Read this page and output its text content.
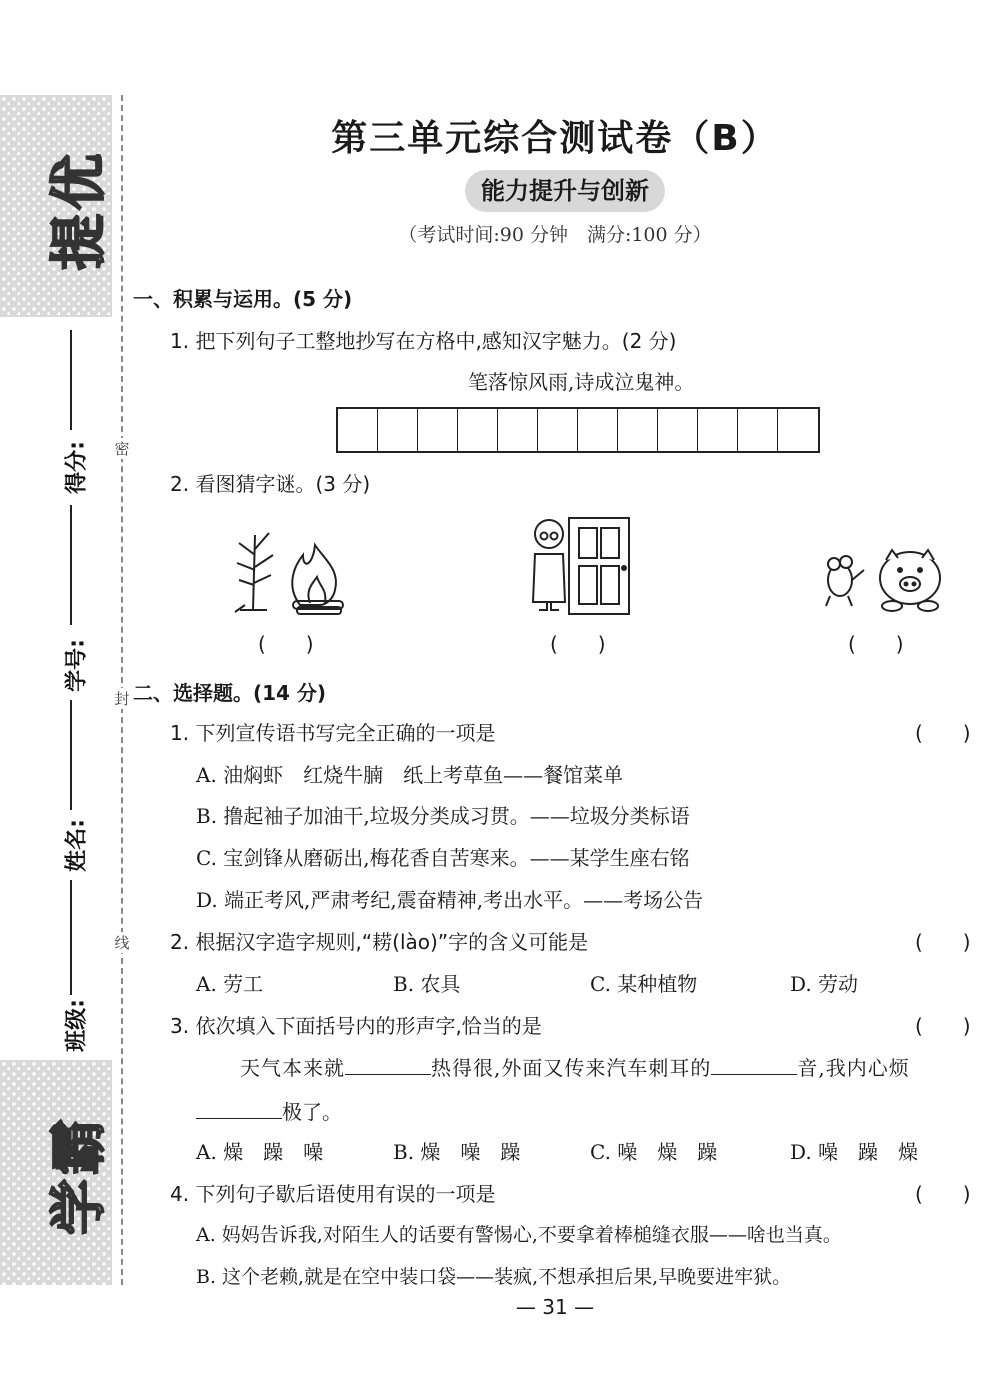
提优
得分:
学号:
姓名:
班级:
学霸
密
封
线
第三单元综合测试卷（B）
能力提升与创新
（考试时间:90 分钟　满分:100 分）
一、积累与运用。(5 分)
1. 把下列句子工整地抄写在方格中,感知汉字魅力。(2 分)
笔落惊风雨,诗成泣鬼神。
2. 看图猜字谜。(3 分)
(　　)	(　　)	(　　)
二、选择题。(14 分)
1. 下列宣传语书写完全正确的一项是	(　　)
A. 油焖虾　红烧牛腩　纸上考草鱼——餐馆菜单
B. 撸起袖子加油干,垃圾分类成习贯。——垃圾分类标语
C. 宝剑锋从磨砺出,梅花香自苦寒来。——某学生座右铭
D. 端正考风,严肃考纪,震奋精神,考出水平。——考场公告
2. 根据汉字造字规则,“耢(lào)”字的含义可能是	(　　)
A. 劳工	B. 农具	C. 某种植物	D. 劳动
3. 依次填入下面括号内的形声字,恰当的是	(　　)
天气本来就	热得很,外面又传来汽车刺耳的	音,我内心烦
极了。
A. 燥　躁　噪	B. 燥　噪　躁	C. 噪　燥　躁	D. 噪　躁　燥
4. 下列句子歇后语使用有误的一项是	(　　)
A. 妈妈告诉我,对陌生人的话要有警惕心,不要拿着棒槌缝衣服——啥也当真。
B. 这个老赖,就是在空中装口袋——装疯,不想承担后果,早晚要进牢狱。
— 31 —
